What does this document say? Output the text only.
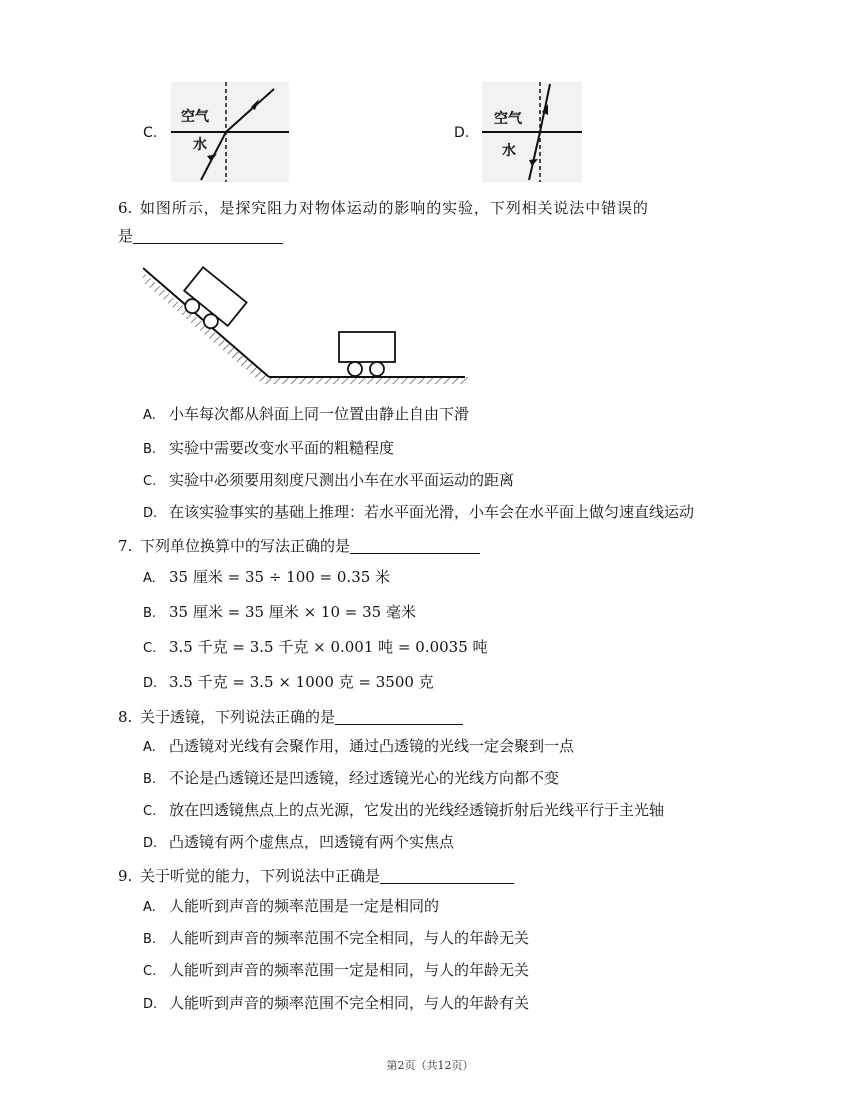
C.
空气
水
D.
空气
水
6. 如图所示，是探究阻力对物体运动的影响的实验，下列相关说法中错误的
是
A. 小车每次都从斜面上同一位置由静止自由下滑
B. 实验中需要改变水平面的粗糙程度
C. 实验中必须要用刻度尺测出小车在水平面运动的距离
D. 在该实验事实的基础上推理：若水平面光滑，小车会在水平面上做匀速直线运动
7. 下列单位换算中的写法正确的是
A. 35 厘米 = 35 ÷ 100 = 0.35 米
B. 35 厘米 = 35 厘米 × 10 = 35 毫米
C. 3.5 千克 = 3.5 千克 × 0.001 吨 = 0.0035 吨
D. 3.5 千克 = 3.5 × 1000 克 = 3500 克
8. 关于透镜，下列说法正确的是
A. 凸透镜对光线有会聚作用，通过凸透镜的光线一定会聚到一点
B. 不论是凸透镜还是凹透镜，经过透镜光心的光线方向都不变
C. 放在凹透镜焦点上的点光源，它发出的光线经透镜折射后光线平行于主光轴
D. 凸透镜有两个虚焦点，凹透镜有两个实焦点
9. 关于听觉的能力，下列说法中正确是
A. 人能听到声音的频率范围是一定是相同的
B. 人能听到声音的频率范围不完全相同，与人的年龄无关
C. 人能听到声音的频率范围一定是相同，与人的年龄无关
D. 人能听到声音的频率范围不完全相同，与人的年龄有关
第2页（共12页）
